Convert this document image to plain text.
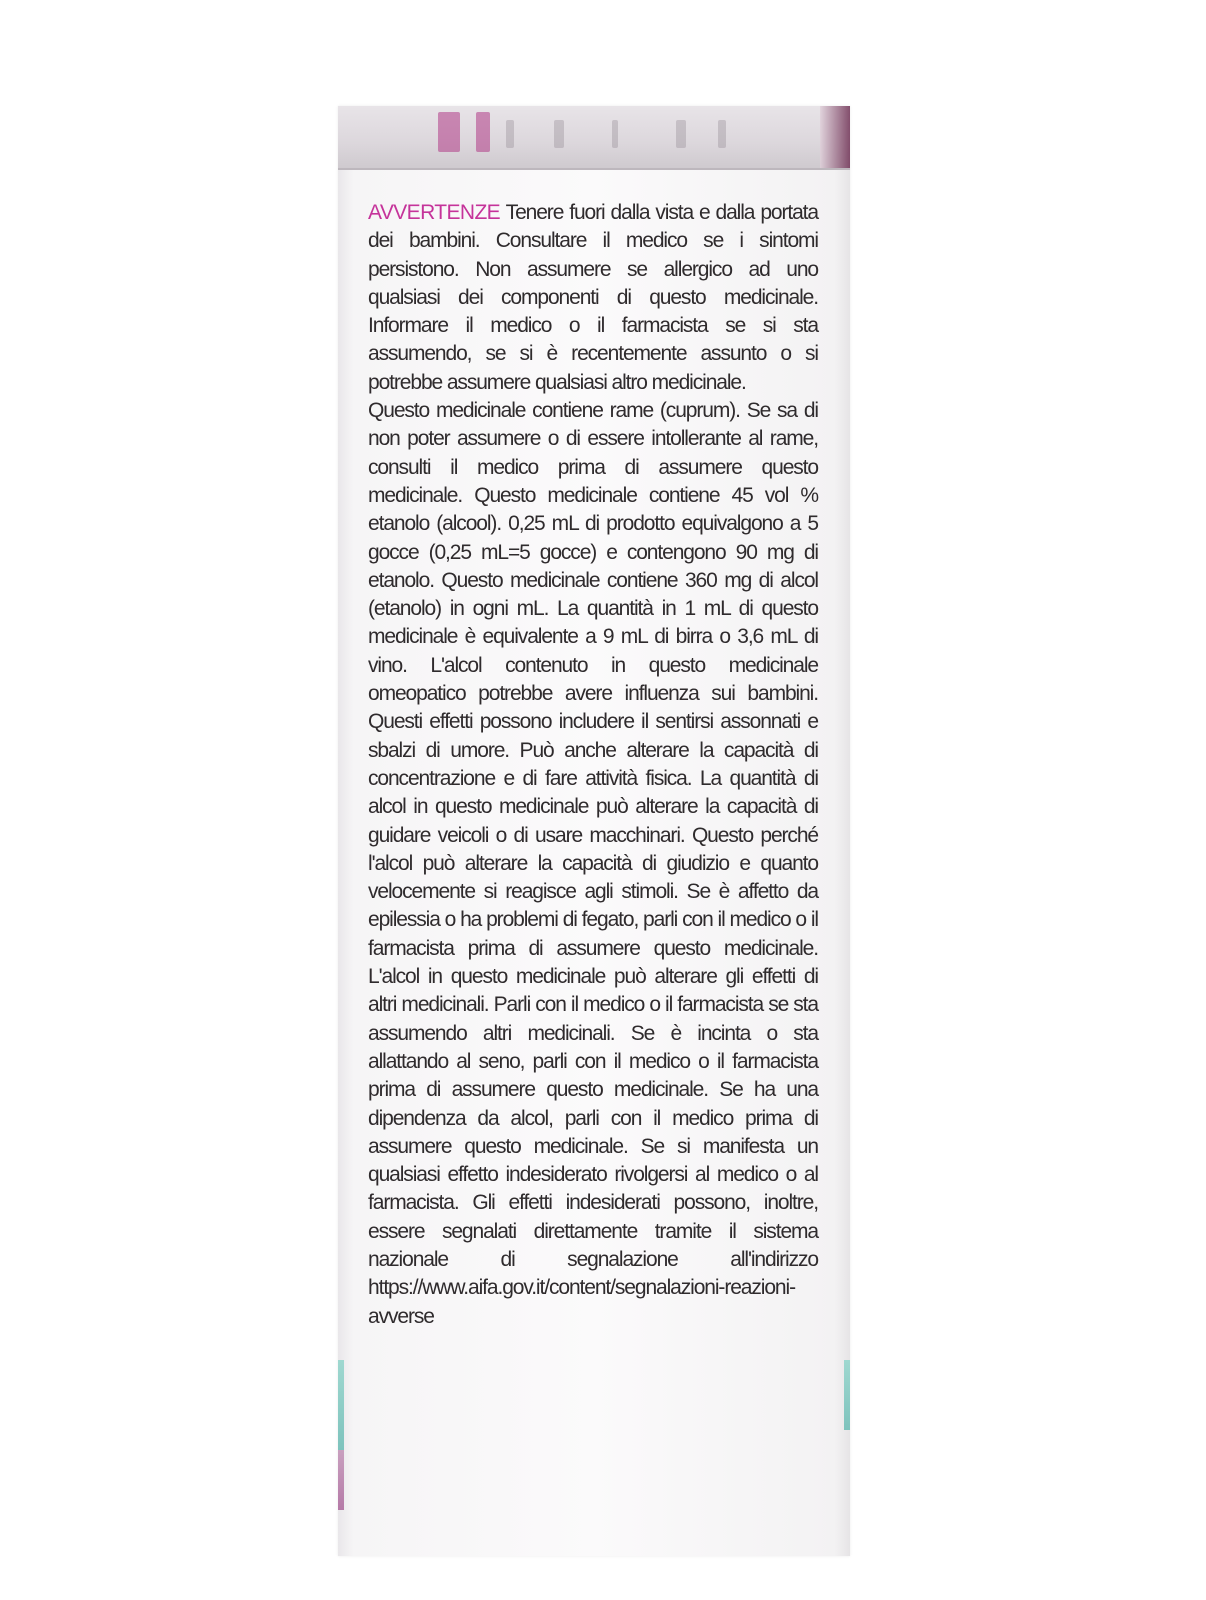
AVVERTENZE Tenere fuori dalla vista e dalla portata dei bambini. Consultare il medico se i sintomi persistono. Non assumere se allergico ad uno qualsiasi dei componenti di questo medicinale. Informare il medico o il farmacista se si sta assumendo, se si è recentemente assunto o si potrebbe assumere qualsiasi altro medicinale.

Questo medicinale contiene rame (cuprum). Se sa di non poter assumere o di essere intollerante al rame, consulti il medico prima di assumere questo medicinale. Questo medicinale contiene 45 vol % etanolo (alcool). 0,25 mL di prodotto equivalgono a 5 gocce (0,25 mL=5 gocce) e contengono 90 mg di etanolo. Questo medicinale contiene 360 mg di alcol (etanolo) in ogni mL. La quantità in 1 mL di questo medicinale è equivalente a 9 mL di birra o 3,6 mL di vino. L'alcol contenuto in questo medicinale omeopatico potrebbe avere influenza sui bambini. Questi effetti possono includere il sentirsi assonnati e sbalzi di umore. Può anche alterare la capacità di concentrazione e di fare attività fisica. La quantità di alcol in questo medicinale può alterare la capacità di guidare veicoli o di usare macchinari. Questo perché l'alcol può alterare la capacità di giudizio e quanto velocemente si reagisce agli stimoli. Se è affetto da epilessia o ha problemi di fegato, parli con il medico o il farmacista prima di assumere questo medicinale. L'alcol in questo medicinale può alterare gli effetti di altri medicinali. Parli con il medico o il farmacista se sta assumendo altri medicinali. Se è incinta o sta allattando al seno, parli con il medico o il farmacista prima di assumere questo medicinale. Se ha una dipendenza da alcol, parli con il medico prima di assumere questo medicinale. Se si manifesta un qualsiasi effetto indesiderato rivolgersi al medico o al farmacista. Gli effetti indesiderati possono, inoltre, essere segnalati direttamente tramite il sistema nazionale di segnalazione all'indirizzo https://www.aifa.gov.it/content/segnalazioni-reazioni-avverse
